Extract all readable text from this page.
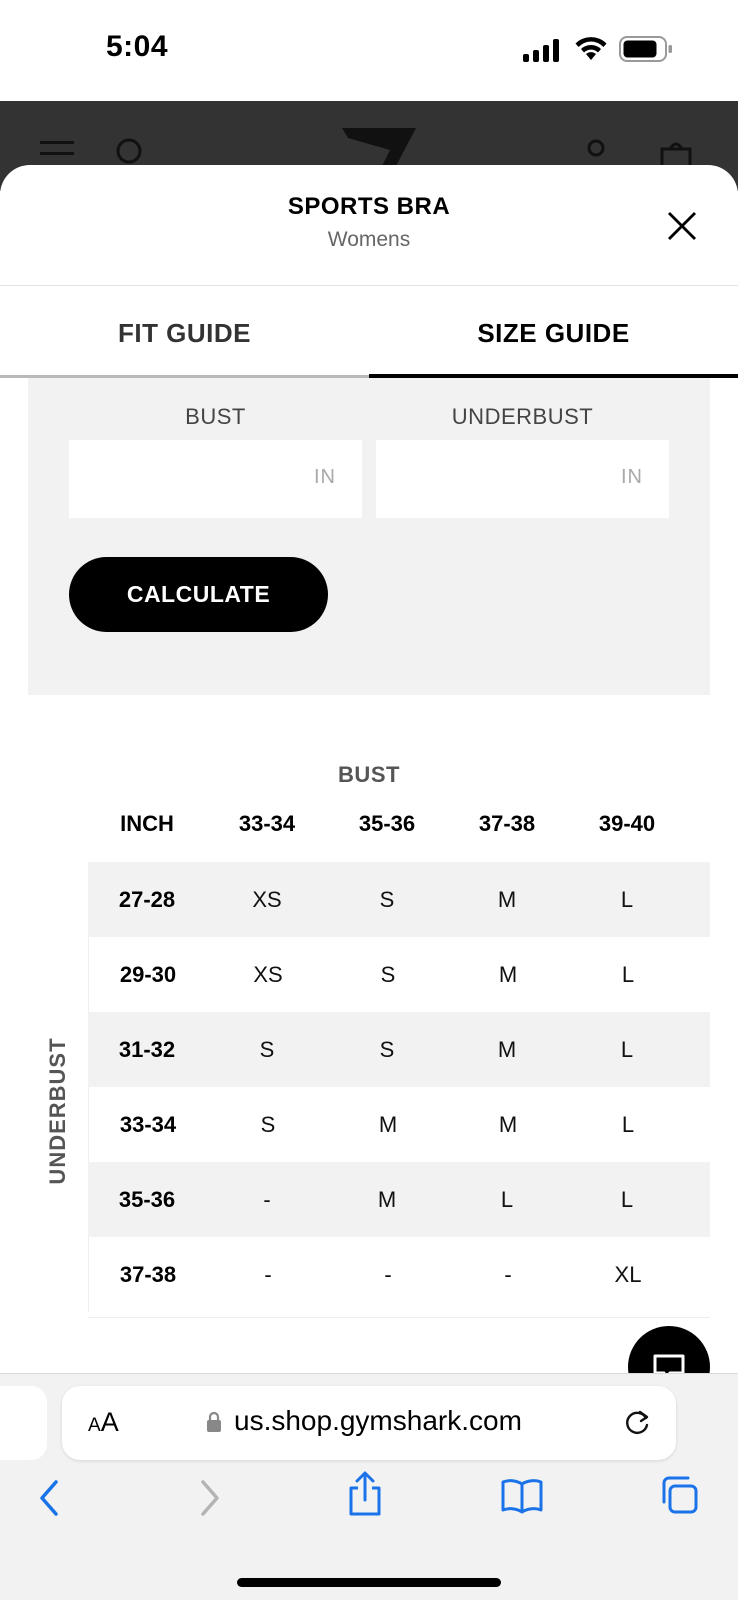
5:04
SPORTS BRA
Womens
FIT GUIDE	SIZE GUIDE
BUST	UNDERBUST
IN	IN
CALCULATE
BUST
INCH	33-34	35-36	37-38	39-40
UNDERBUST
27-28	XS	S	M	L
29-30	XS	S	M	L
31-32	S	S	M	L
33-34	S	M	M	L
35-36	-	M	L	L
37-38	-	-	-	XL
AA	us.shop.gymshark.com
